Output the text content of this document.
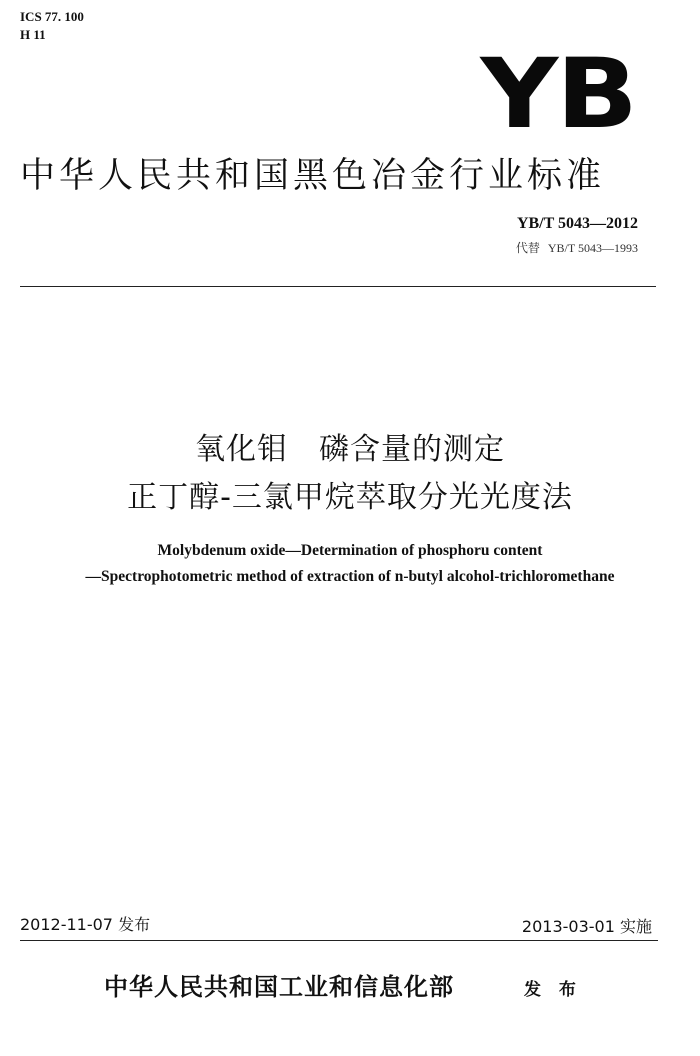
ICS 77. 100
H 11
YB
中华人民共和国黑色冶金行业标准
YB/T 5043—2012
代替 YB/T 5043—1993
氧化钼　磷含量的测定
正丁醇-三氯甲烷萃取分光光度法
Molybdenum oxide—Determination of phosphoru content
—Spectrophotometric method of extraction of n-butyl alcohol-trichloromethane
2012-11-07 发布	2013-03-01 实施
中华人民共和国工业和信息化部	发 布
